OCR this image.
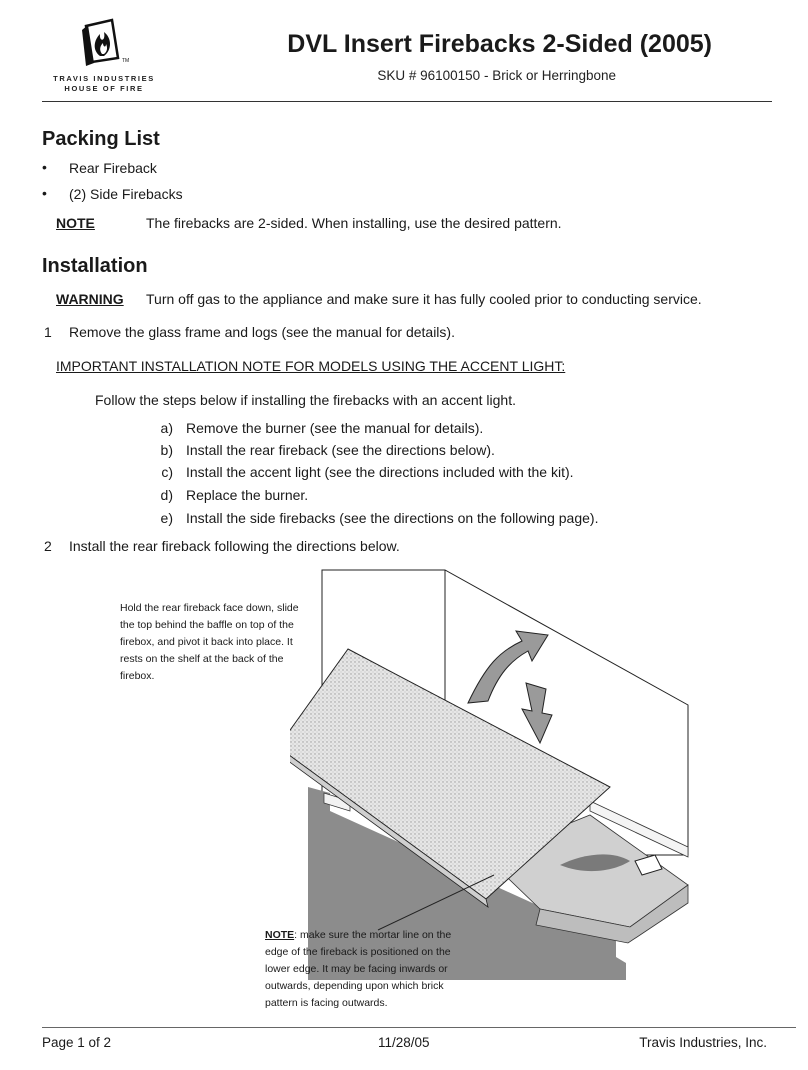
TM
TRAVIS INDUSTRIES
HOUSE OF FIRE
DVL Insert Firebacks 2-Sided (2005)
SKU # 96100150 - Brick or Herringbone
Packing List
• Rear Fireback
• (2) Side Firebacks
NOTE	The firebacks are 2-sided. When installing, use the desired pattern.
Installation
WARNING Turn off gas to the appliance and make sure it has fully cooled prior to conducting service.
1 Remove the glass frame and logs (see the manual for details).
IMPORTANT INSTALLATION NOTE FOR MODELS USING THE ACCENT LIGHT:
Follow the steps below if installing the firebacks with an accent light.
a) Remove the burner (see the manual for details).
b) Install the rear fireback (see the directions below).
c) Install the accent light (see the directions included with the kit).
d) Replace the burner.
e) Install the side firebacks (see the directions on the following page).
2 Install the rear fireback following the directions below.
Hold the rear fireback face down, slide the top behind the baffle on top of the firebox, and pivot it back into place. It rests on the shelf at the back of the firebox.
NOTE: make sure the mortar line on the edge of the fireback is positioned on the lower edge. It may be facing inwards or outwards, depending upon which brick pattern is facing outwards.
Page 1 of 2	11/28/05	Travis Industries, Inc.
